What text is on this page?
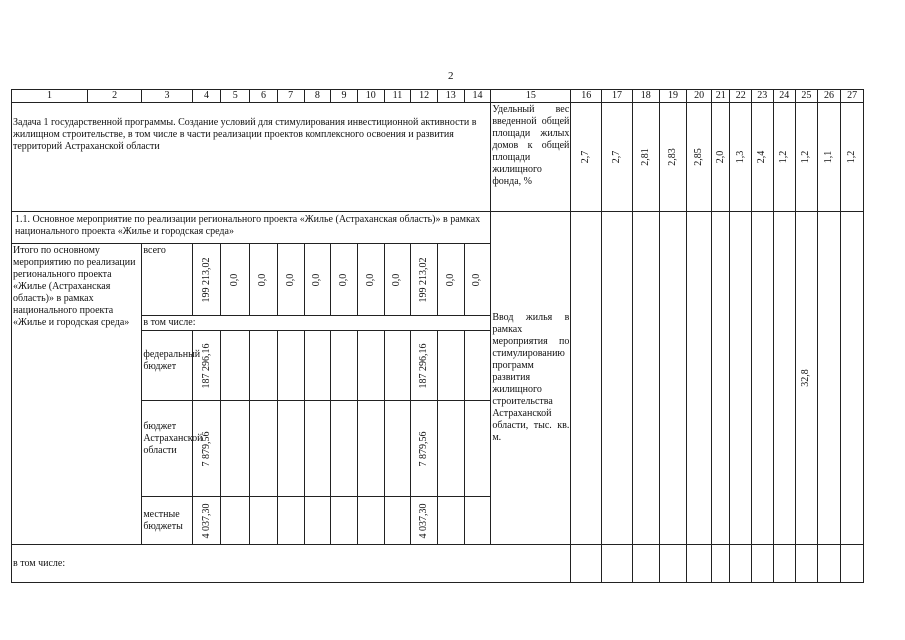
2
1	2	3	4	5	6	7	8	9	10	11	12	13	14	15	16	17	18	19	20	21	22	23	24	25	26	27
Задача 1 государственной программы. Создание условий для стимулирования инвестиционной активности в жилищном строительстве, в том числе в части реализации проектов комплексного освоения и развития территорий Астраханской области														Удельный вес введенной общей площади жилых домов к общей площади жилищного фонда, %	2,7	2,7	2,81	2,83	2,85	2,0	1,3	2,4	1,2	1,2	1,1	1,2

1.1. Основное мероприятие по реализации регионального проекта «Жилье (Астраханская область)» в рамках национального проекта «Жилье и городская среда»														Ввод жилья в рамках мероприятия по стимулированию программ развития жилищного строительства Астраханской области, тыс. кв. м.										32,8		

Итого по основному мероприятию по реализации регионального проекта «Жилье (Астраханская область)» в рамках национального проекта «Жилье и городская среда»		всего	199 213,02	0,0	0,0	0,0	0,0	0,0	0,0	0,0	199 213,02	0,0	0,0													

		в том числе:																								
		федеральный бюджет	187 296,16								187 296,16															

		бюджет Астраханской области	7 879,56								7 879,56															

		местные бюджеты	4 037,30								4 037,30															

в том числе:																										
